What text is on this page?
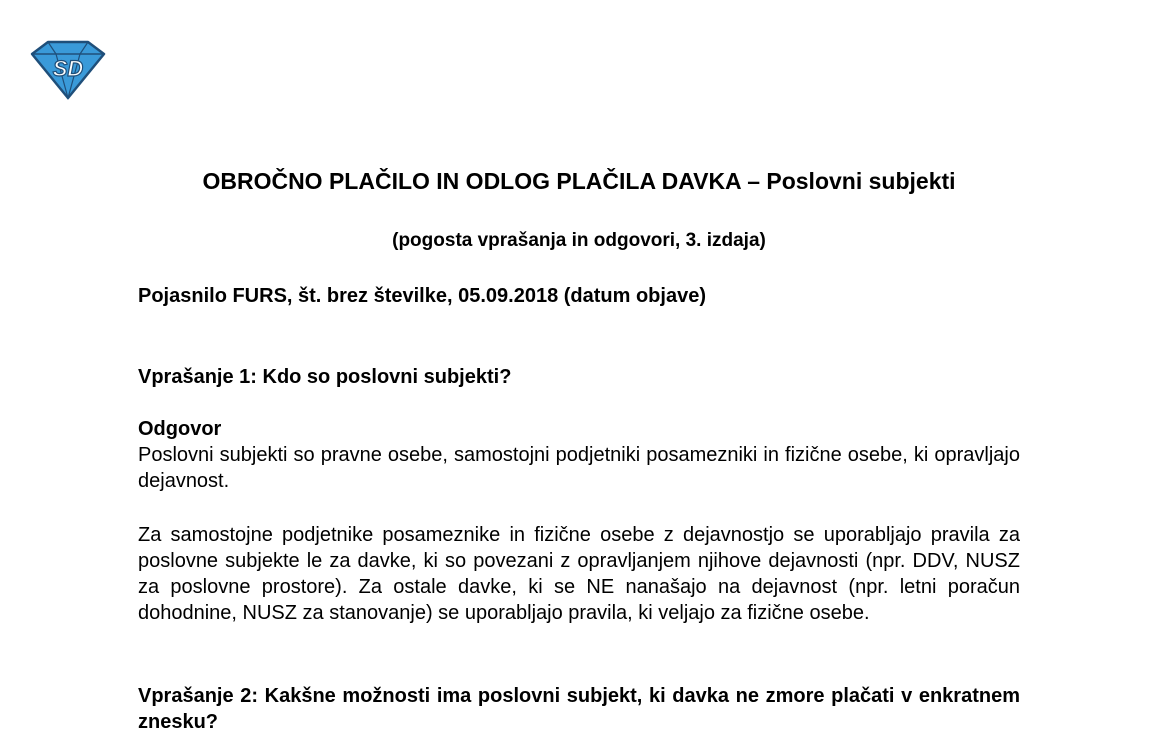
SD
OBROČNO PLAČILO IN ODLOG PLAČILA DAVKA – Poslovni subjekti
(pogosta vprašanja in odgovori, 3. izdaja)
Pojasnilo FURS, št. brez številke, 05.09.2018 (datum objave)
Vprašanje 1: Kdo so poslovni subjekti?
Odgovor
Poslovni subjekti so pravne osebe, samostojni podjetniki posamezniki in fizične osebe, ki opravljajo dejavnost.
Za samostojne podjetnike posameznike in fizične osebe z dejavnostjo se uporabljajo pravila za poslovne subjekte le za davke, ki so povezani z opravljanjem njihove dejavnosti (npr. DDV, NUSZ za poslovne prostore). Za ostale davke, ki se NE nanašajo na dejavnost (npr. letni poračun dohodnine, NUSZ za stanovanje) se uporabljajo pravila, ki veljajo za fizične osebe.
Vprašanje 2: Kakšne možnosti ima poslovni subjekt, ki davka ne zmore plačati v enkratnem znesku?
